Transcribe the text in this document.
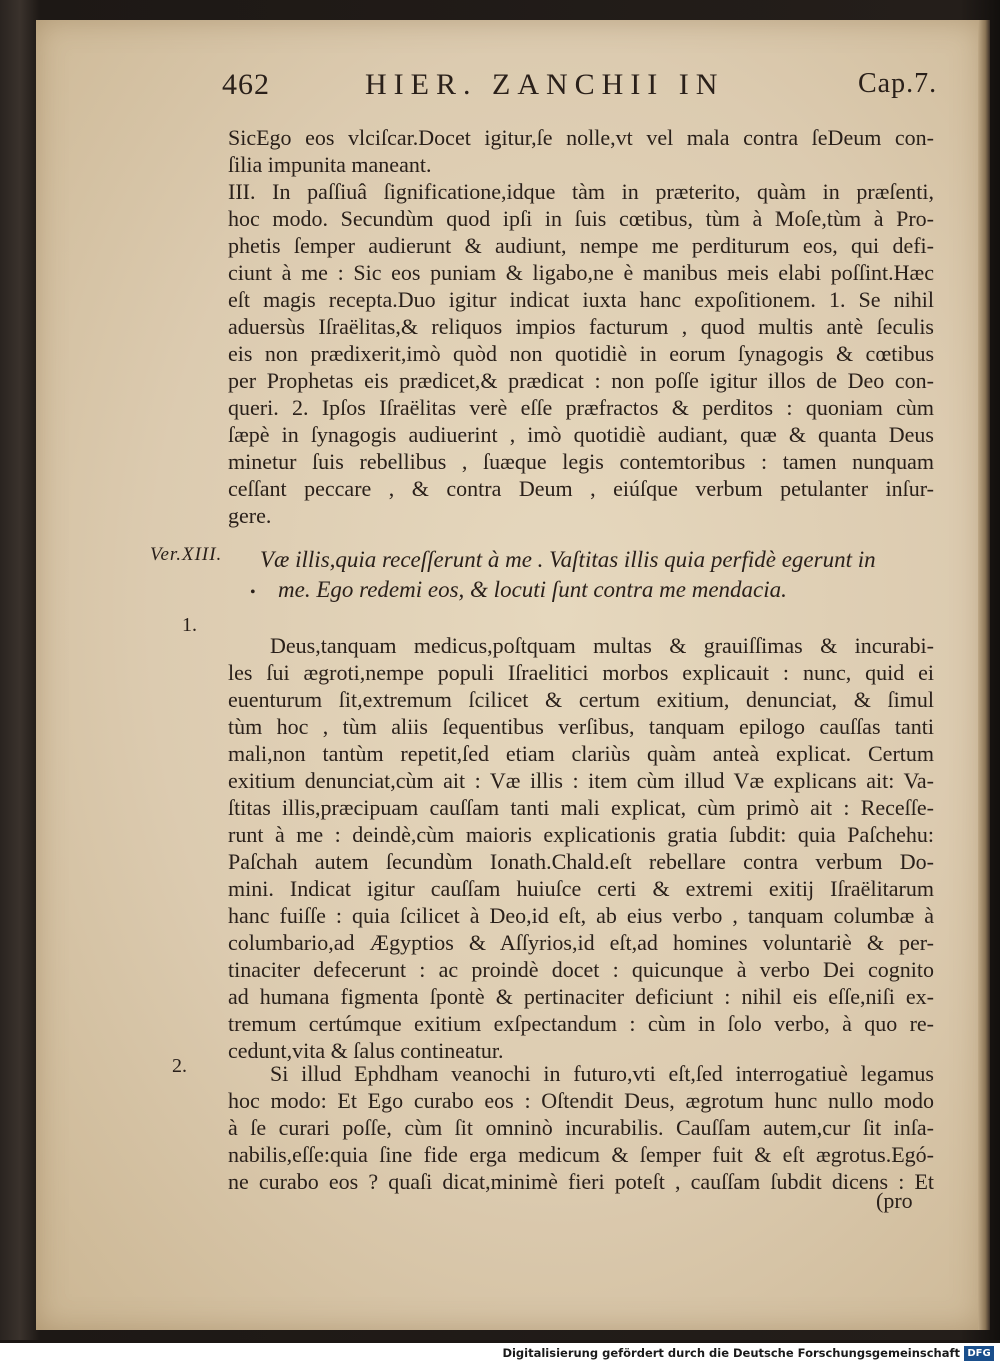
462	HIER. ZANCHII IN	Cap.7.
SicEgo eos vlciſcar.Docet igitur,ſe nolle,vt vel mala contra ſeDeum con-
ſilia impunita maneant.
III. In paſſiuâ ſignificatione,idque tàm in præterito, quàm in præſenti,
hoc modo. Secundùm quod ipſi in ſuis cœtibus, tùm à Moſe,tùm à Pro-
phetis ſemper audierunt & audiunt, nempe me perditurum eos, qui defi-
ciunt à me : Sic eos puniam & ligabo,ne è manibus meis elabi poſſint.Hæc
eſt magis recepta.Duo igitur indicat iuxta hanc expoſitionem. 1. Se nihil
aduersùs Iſraëlitas,& reliquos impios facturum , quod multis antè ſeculis
eis non prædixerit,imò quòd non quotidiè in eorum ſynagogis & cœtibus
per Prophetas eis prædicet,& prædicat : non poſſe igitur illos de Deo con-
queri. 2. Ipſos Iſraëlitas verè eſſe præfractos & perditos : quoniam cùm
ſæpè in ſynagogis audiuerint , imò quotidiè audiant, quæ & quanta Deus
minetur ſuis rebellibus , ſuæque legis contemtoribus : tamen nunquam
ceſſant peccare , & contra Deum , eiúſque verbum petulanter inſur-
gere.
Ver.XIII. Væ illis,quia receſſerunt à me . Vaſtitas illis quia perfidè egerunt in
me. Ego redemi eos, & locuti ſunt contra me mendacia.
•
1.
Deus,tanquam medicus,poſtquam multas & grauiſſimas & incurabi-
les ſui ægroti,nempe populi Iſraelitici morbos explicauit : nunc, quid ei
euenturum ſit,extremum ſcilicet & certum exitium, denunciat, & ſimul
tùm hoc , tùm aliis ſequentibus verſibus, tanquam epilogo cauſſas tanti
mali,non tantùm repetit,ſed etiam clariùs quàm anteà explicat. Certum
exitium denunciat,cùm ait : Væ illis : item cùm illud Væ explicans ait: Va-
ſtitas illis,præcipuam cauſſam tanti mali explicat, cùm primò ait : Receſſe-
runt à me : deindè,cùm maioris explicationis gratia ſubdit: quia Paſchehu:
Paſchah autem ſecundùm Ionath.Chald.eſt rebellare contra verbum Do-
mini. Indicat igitur cauſſam huiuſce certi & extremi exitij Iſraëlitarum
hanc fuiſſe : quia ſcilicet à Deo,id eſt, ab eius verbo , tanquam columbæ à
columbario,ad Ægyptios & Aſſyrios,id eſt,ad homines voluntariè & per-
tinaciter defecerunt : ac proindè docet : quicunque à verbo Dei cognito
ad humana figmenta ſpontè & pertinaciter deficiunt : nihil eis eſſe,niſi ex-
tremum certúmque exitium exſpectandum : cùm in ſolo verbo, à quo re-
cedunt,vita & ſalus contineatur.
2.	Si illud Ephdham veanochi in futuro,vti eſt,ſed interrogatiuè legamus
hoc modo: Et Ego curabo eos : Oſtendit Deus, ægrotum hunc nullo modo
à ſe curari poſſe, cùm ſit omninò incurabilis. Cauſſam autem,cur ſit inſa-
nabilis,eſſe:quia ſine fide erga medicum & ſemper fuit & eſt ægrotus.Egó-
ne curabo eos ? quaſi dicat,minimè fieri poteſt , cauſſam ſubdit dicens : Et
(pro
Digitalisierung gefördert durch die Deutsche Forschungsgemeinschaft DFG
